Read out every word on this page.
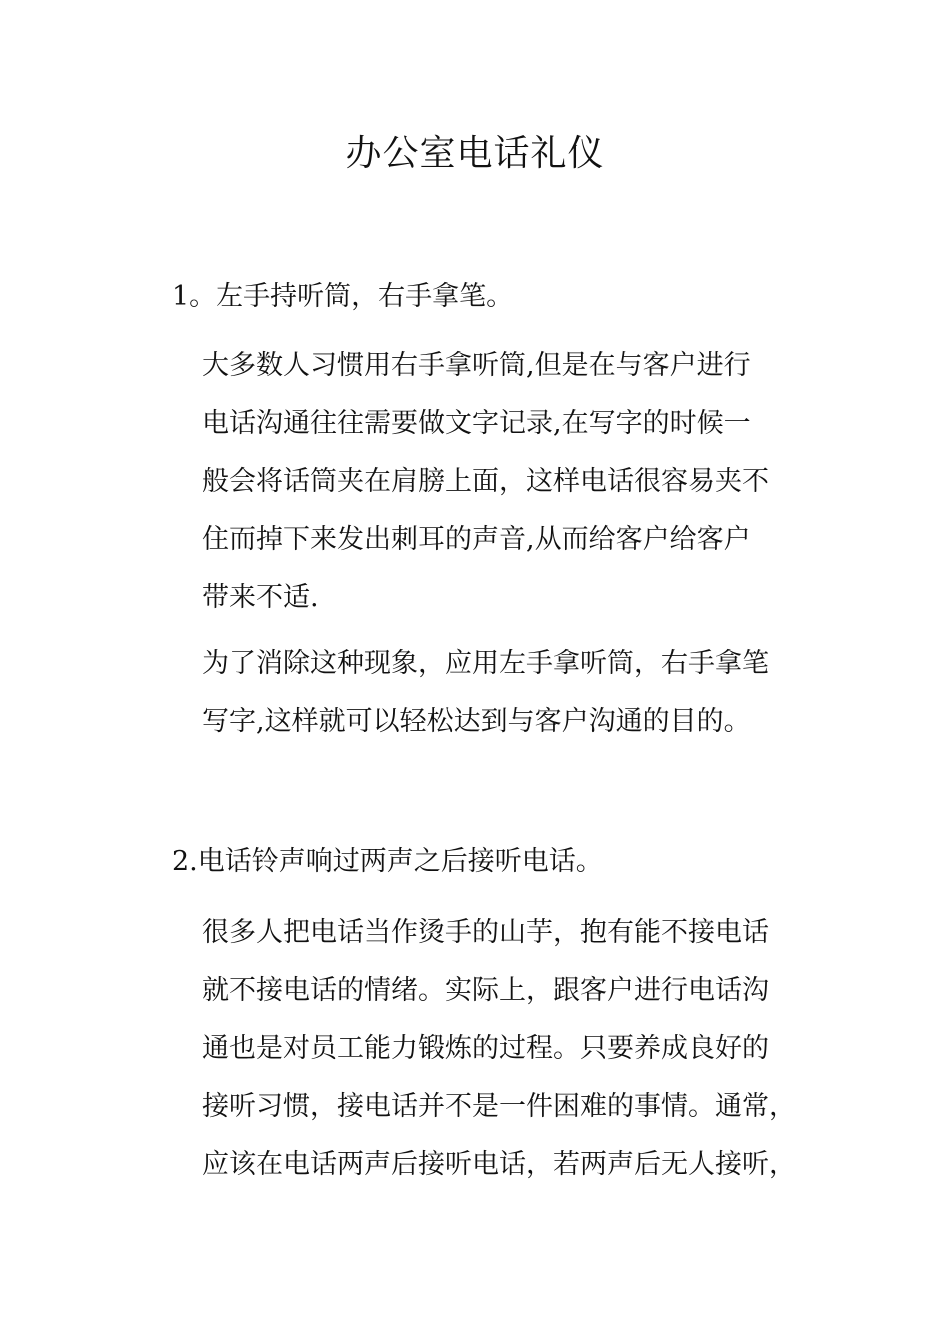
办公室电话礼仪
1。左手持听筒，右手拿笔。
大多数人习惯用右手拿听筒,但是在与客户进行
电话沟通往往需要做文字记录,在写字的时候一
般会将话筒夹在肩膀上面，这样电话很容易夹不
住而掉下来发出刺耳的声音,从而给客户给客户
带来不适.
为了消除这种现象，应用左手拿听筒，右手拿笔
写字,这样就可以轻松达到与客户沟通的目的。
2.电话铃声响过两声之后接听电话。
很多人把电话当作烫手的山芋，抱有能不接电话
就不接电话的情绪。实际上，跟客户进行电话沟
通也是对员工能力锻炼的过程。只要养成良好的
接听习惯，接电话并不是一件困难的事情。通常，
应该在电话两声后接听电话，若两声后无人接听，
